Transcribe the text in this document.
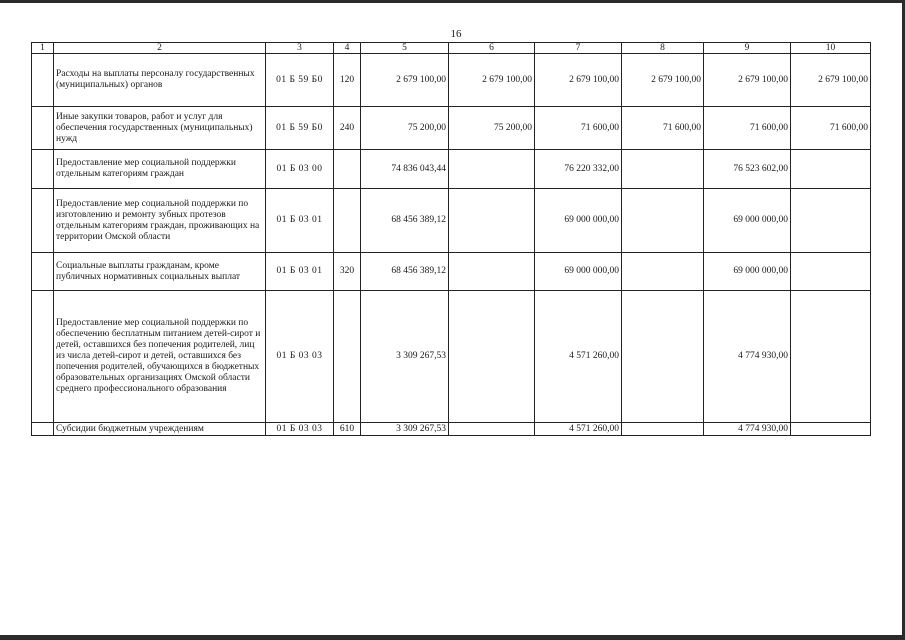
16
1	2	3	4	5	6	7	8	9	10
	Расходы на выплаты персоналу государственных (муниципальных) органов	01 Б 59 Б0	120	2 679 100,00	2 679 100,00	2 679 100,00	2 679 100,00	2 679 100,00	2 679 100,00
	Иные закупки товаров, работ и услуг для обеспечения государственных (муниципальных) нужд	01 Б 59 Б0	240	75 200,00	75 200,00	71 600,00	71 600,00	71 600,00	71 600,00
	Предоставление мер социальной поддержки отдельным категориям граждан	01 Б 03 00		74 836 043,44		76 220 332,00		76 523 602,00	
	Предоставление мер социальной поддержки по изготовлению и ремонту зубных протезов отдельным категориям граждан, проживающих на территории Омской области	01 Б 03 01		68 456 389,12		69 000 000,00		69 000 000,00	
	Социальные выплаты гражданам, кроме публичных нормативных социальных выплат	01 Б 03 01	320	68 456 389,12		69 000 000,00		69 000 000,00	
	Предоставление мер социальной поддержки по обеспечению бесплатным питанием детей-сирот и детей, оставшихся без попечения родителей, лиц из числа детей-сирот и детей, оставшихся без попечения родителей, обучающихся в бюджетных образовательных организациях Омской области среднего профессионального образования	01 Б 03 03		3 309 267,53		4 571 260,00		4 774 930,00	
	Субсидии бюджетным учреждениям	01 Б 03 03	610	3 309 267,53		4 571 260,00		4 774 930,00	
